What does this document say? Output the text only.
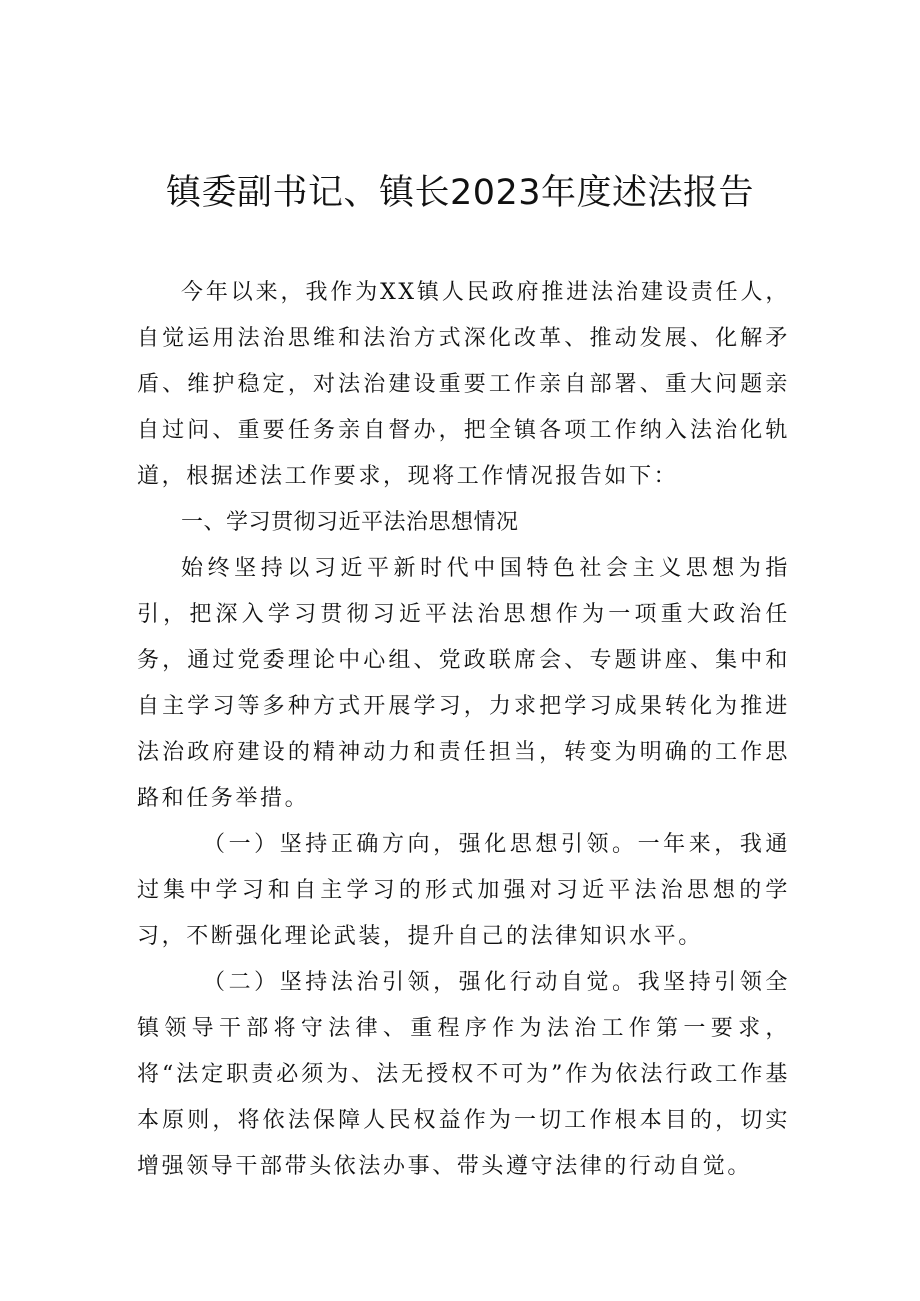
镇委副书记、镇长2023年度述法报告

今年以来，我作为XX镇人民政府推进法治建设责任人，自觉运用法治思维和法治方式深化改革、推动发展、化解矛盾、维护稳定，对法治建设重要工作亲自部署、重大问题亲自过问、重要任务亲自督办，把全镇各项工作纳入法治化轨道，根据述法工作要求，现将工作情况报告如下：

一、学习贯彻习近平法治思想情况

始终坚持以习近平新时代中国特色社会主义思想为指引，把深入学习贯彻习近平法治思想作为一项重大政治任务，通过党委理论中心组、党政联席会、专题讲座、集中和自主学习等多种方式开展学习，力求把学习成果转化为推进法治政府建设的精神动力和责任担当，转变为明确的工作思路和任务举措。

（一）坚持正确方向，强化思想引领。一年来，我通过集中学习和自主学习的形式加强对习近平法治思想的学习，不断强化理论武装，提升自己的法律知识水平。

（二）坚持法治引领，强化行动自觉。我坚持引领全镇领导干部将守法律、重程序作为法治工作第一要求，将“法定职责必须为、法无授权不可为”作为依法行政工作基本原则，将依法保障人民权益作为一切工作根本目的，切实增强领导干部带头依法办事、带头遵守法律的行动自觉。
